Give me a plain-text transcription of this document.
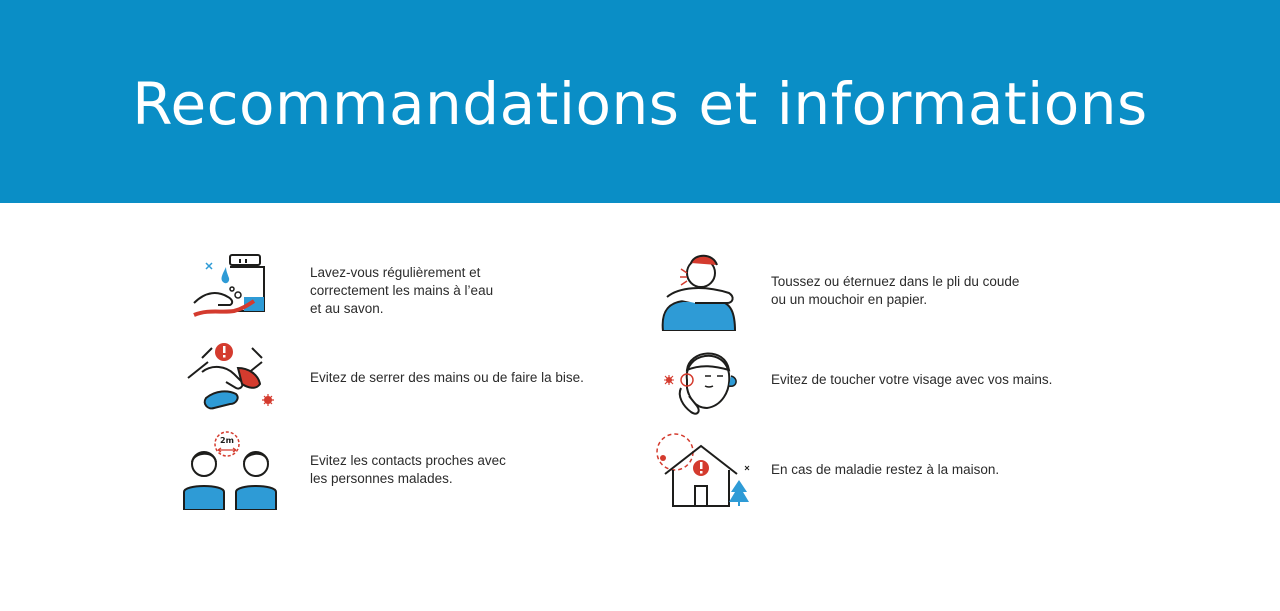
Recommandations et informations
Lavez-vous régulièrement et
correctement les mains à l’eau
et au savon.
Evitez de serrer des mains ou de faire la bise.
2m
Evitez les contacts proches avec
les personnes malades.
Toussez ou éternuez dans le pli du coude
ou un mouchoir en papier.
Evitez de toucher votre visage avec vos mains.
En cas de maladie restez à la maison.
